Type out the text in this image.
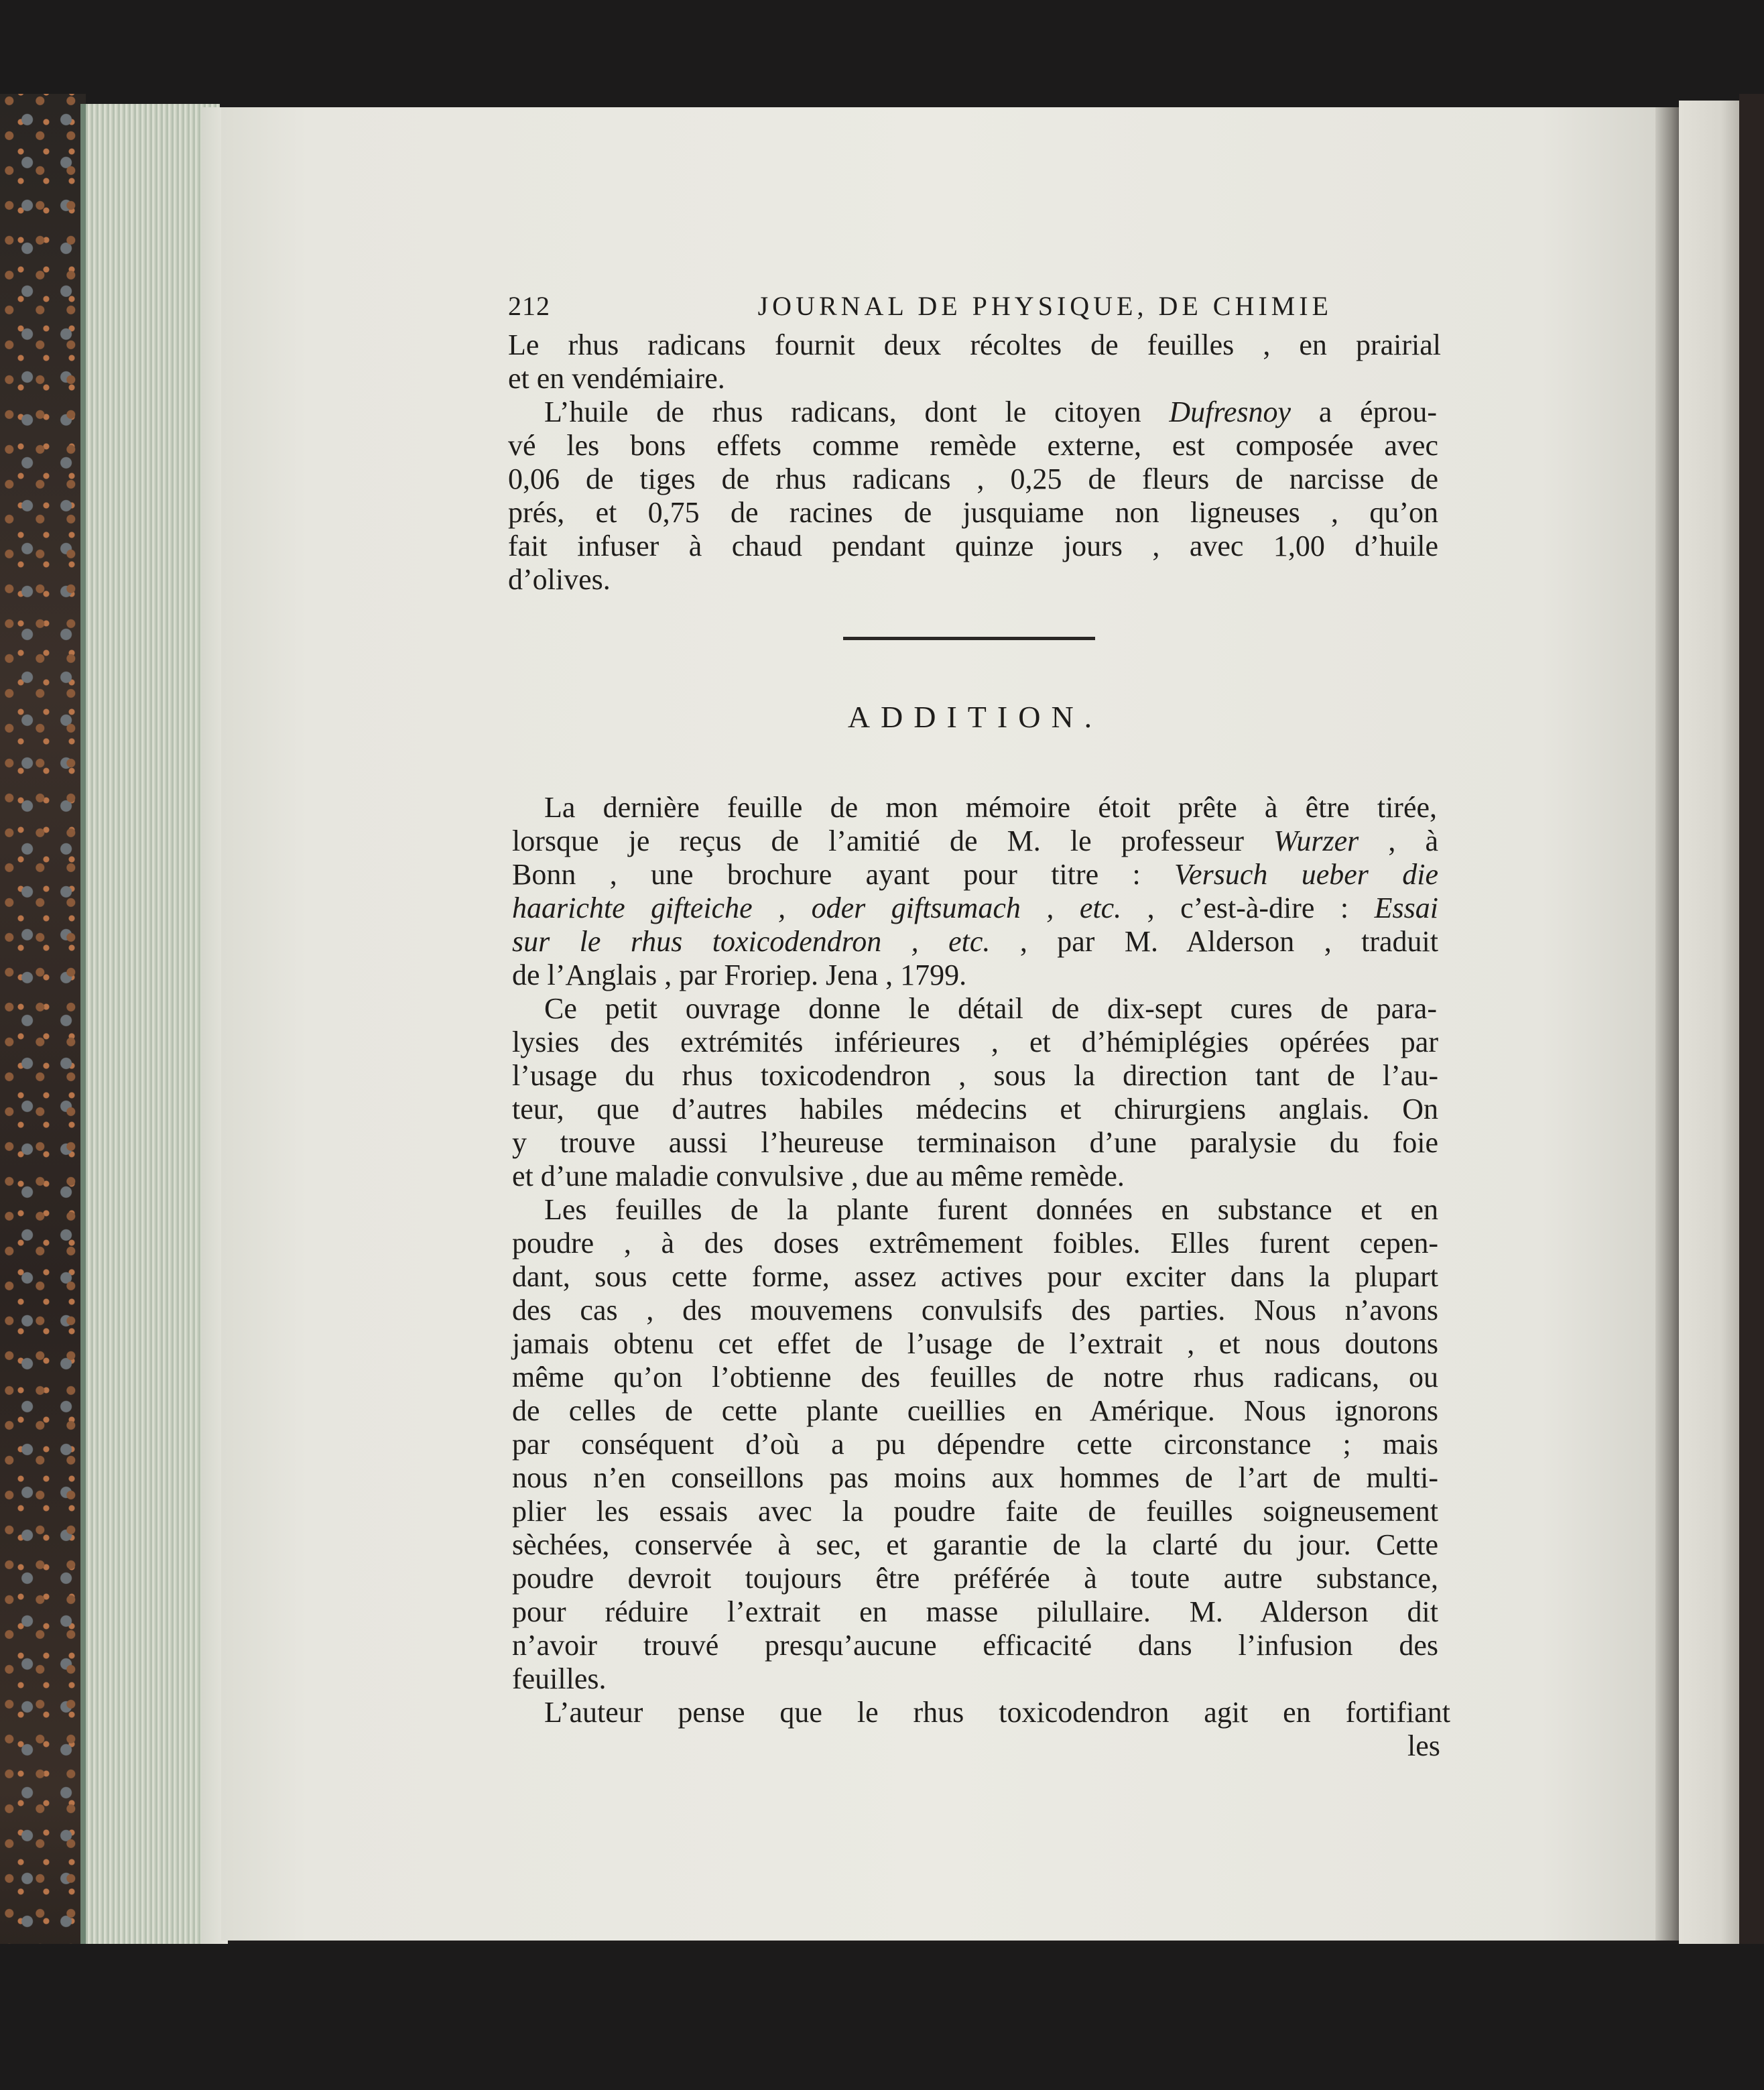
212	JOURNAL DE PHYSIQUE, DE CHIMIE
Le rhus radicans fournit deux récoltes de feuilles , en prairial
et en vendémiaire.
L’huile de rhus radicans, dont le citoyen Dufresnoy a éprou-
vé les bons effets comme remède externe, est composée avec
0,06 de tiges de rhus radicans , 0,25 de fleurs de narcisse de
prés, et 0,75 de racines de jusquiame non ligneuses , qu’on
fait infuser à chaud pendant quinze jours , avec 1,00 d’huile
d’olives.
ADDITION.
La dernière feuille de mon mémoire étoit prête à être tirée,
lorsque je reçus de l’amitié de M. le professeur Wurzer , à
Bonn , une brochure ayant pour titre : Versuch ueber die
haarichte gifteiche , oder giftsumach , etc. , c’est-à-dire : Essai
sur le rhus toxicodendron , etc. , par M. Alderson , traduit
de l’Anglais , par Froriep. Jena , 1799.
Ce petit ouvrage donne le détail de dix-sept cures de para-
lysies des extrémités inférieures , et d’hémiplégies opérées par
l’usage du rhus toxicodendron , sous la direction tant de l’au-
teur, que d’autres habiles médecins et chirurgiens anglais. On
y trouve aussi l’heureuse terminaison d’une paralysie du foie
et d’une maladie convulsive , due au même remède.
Les feuilles de la plante furent données en substance et en
poudre , à des doses extrêmement foibles. Elles furent cepen-
dant, sous cette forme, assez actives pour exciter dans la plupart
des cas , des mouvemens convulsifs des parties. Nous n’avons
jamais obtenu cet effet de l’usage de l’extrait , et nous doutons
même qu’on l’obtienne des feuilles de notre rhus radicans, ou
de celles de cette plante cueillies en Amérique. Nous ignorons
par conséquent d’où a pu dépendre cette circonstance ; mais
nous n’en conseillons pas moins aux hommes de l’art de multi-
plier les essais avec la poudre faite de feuilles soigneusement
sèchées, conservée à sec, et garantie de la clarté du jour. Cette
poudre devroit toujours être préférée à toute autre substance,
pour réduire l’extrait en masse pilullaire. M. Alderson dit
n’avoir trouvé presqu’aucune efficacité dans l’infusion des
feuilles.
L’auteur pense que le rhus toxicodendron agit en fortifiant
les
